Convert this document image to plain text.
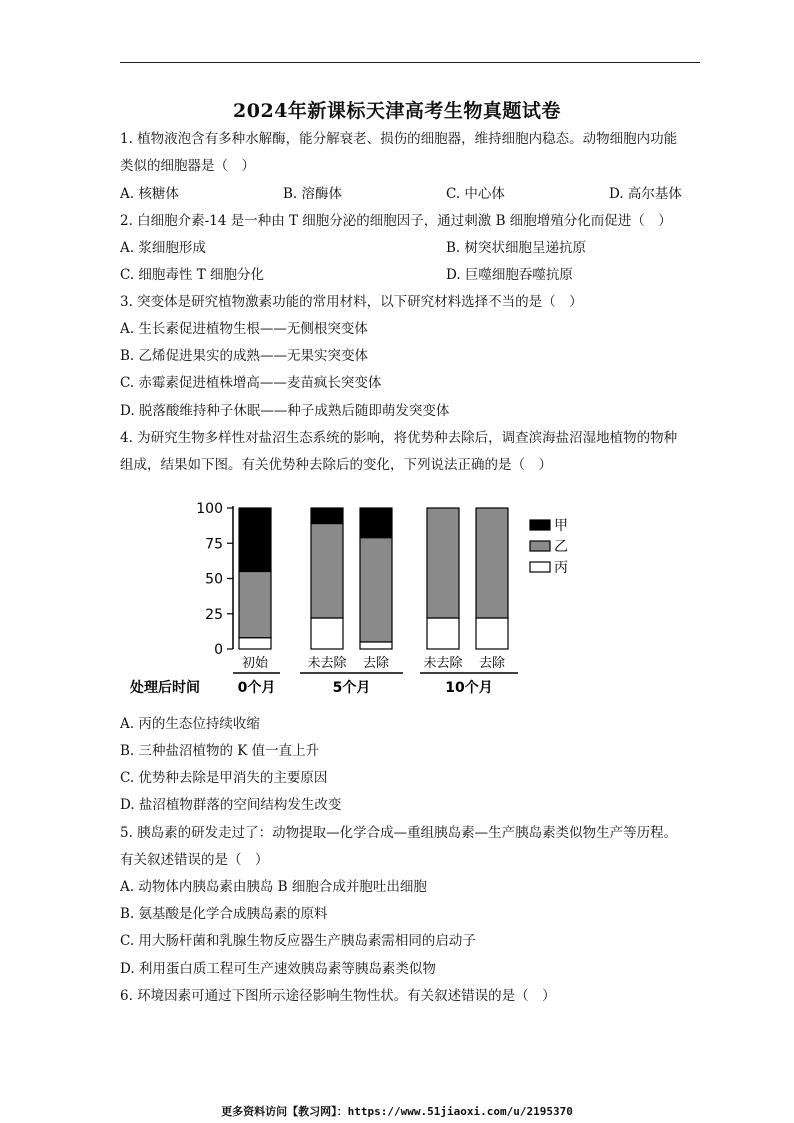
2024年新课标天津高考生物真题试卷
1. 植物液泡含有多种水解酶，能分解衰老、损伤的细胞器，维持细胞内稳态。动物细胞内功能
类似的细胞器是（　）
A. 核糖体	B. 溶酶体	C. 中心体	D. 高尔基体
2. 白细胞介素-14 是一种由 T 细胞分泌的细胞因子，通过刺激 B 细胞增殖分化而促进（　）
A. 浆细胞形成	B. 树突状细胞呈递抗原
C. 细胞毒性 T 细胞分化	D. 巨噬细胞吞噬抗原
3. 突变体是研究植物激素功能的常用材料，以下研究材料选择不当的是（　）
A. 生长素促进植物生根——无侧根突变体
B. 乙烯促进果实的成熟——无果实突变体
C. 赤霉素促进植株增高——麦苗疯长突变体
D. 脱落酸维持种子休眠——种子成熟后随即萌发突变体
4. 为研究生物多样性对盐沼生态系统的影响，将优势种去除后，调查滨海盐沼湿地植物的物种
组成，结果如下图。有关优势种去除后的变化，下列说法正确的是（　）
100
75
50
25
0
初始	未去除 去除	未去除 去除
0个月	5个月	10个月
处理后时间
甲
乙
丙
A. 丙的生态位持续收缩
B. 三种盐沼植物的 K 值一直上升
C. 优势种去除是甲消失的主要原因
D. 盐沼植物群落的空间结构发生改变
5. 胰岛素的研发走过了：动物提取—化学合成—重组胰岛素—生产胰岛素类似物生产等历程。
有关叙述错误的是（　）
A. 动物体内胰岛素由胰岛 B 细胞合成并胞吐出细胞
B. 氨基酸是化学合成胰岛素的原料
C. 用大肠杆菌和乳腺生物反应器生产胰岛素需相同的启动子
D. 利用蛋白质工程可生产速效胰岛素等胰岛素类似物
6. 环境因素可通过下图所示途径影响生物性状。有关叙述错误的是（　）
更多资料访问【教习网】：https://www.51jiaoxi.com/u/2195370
